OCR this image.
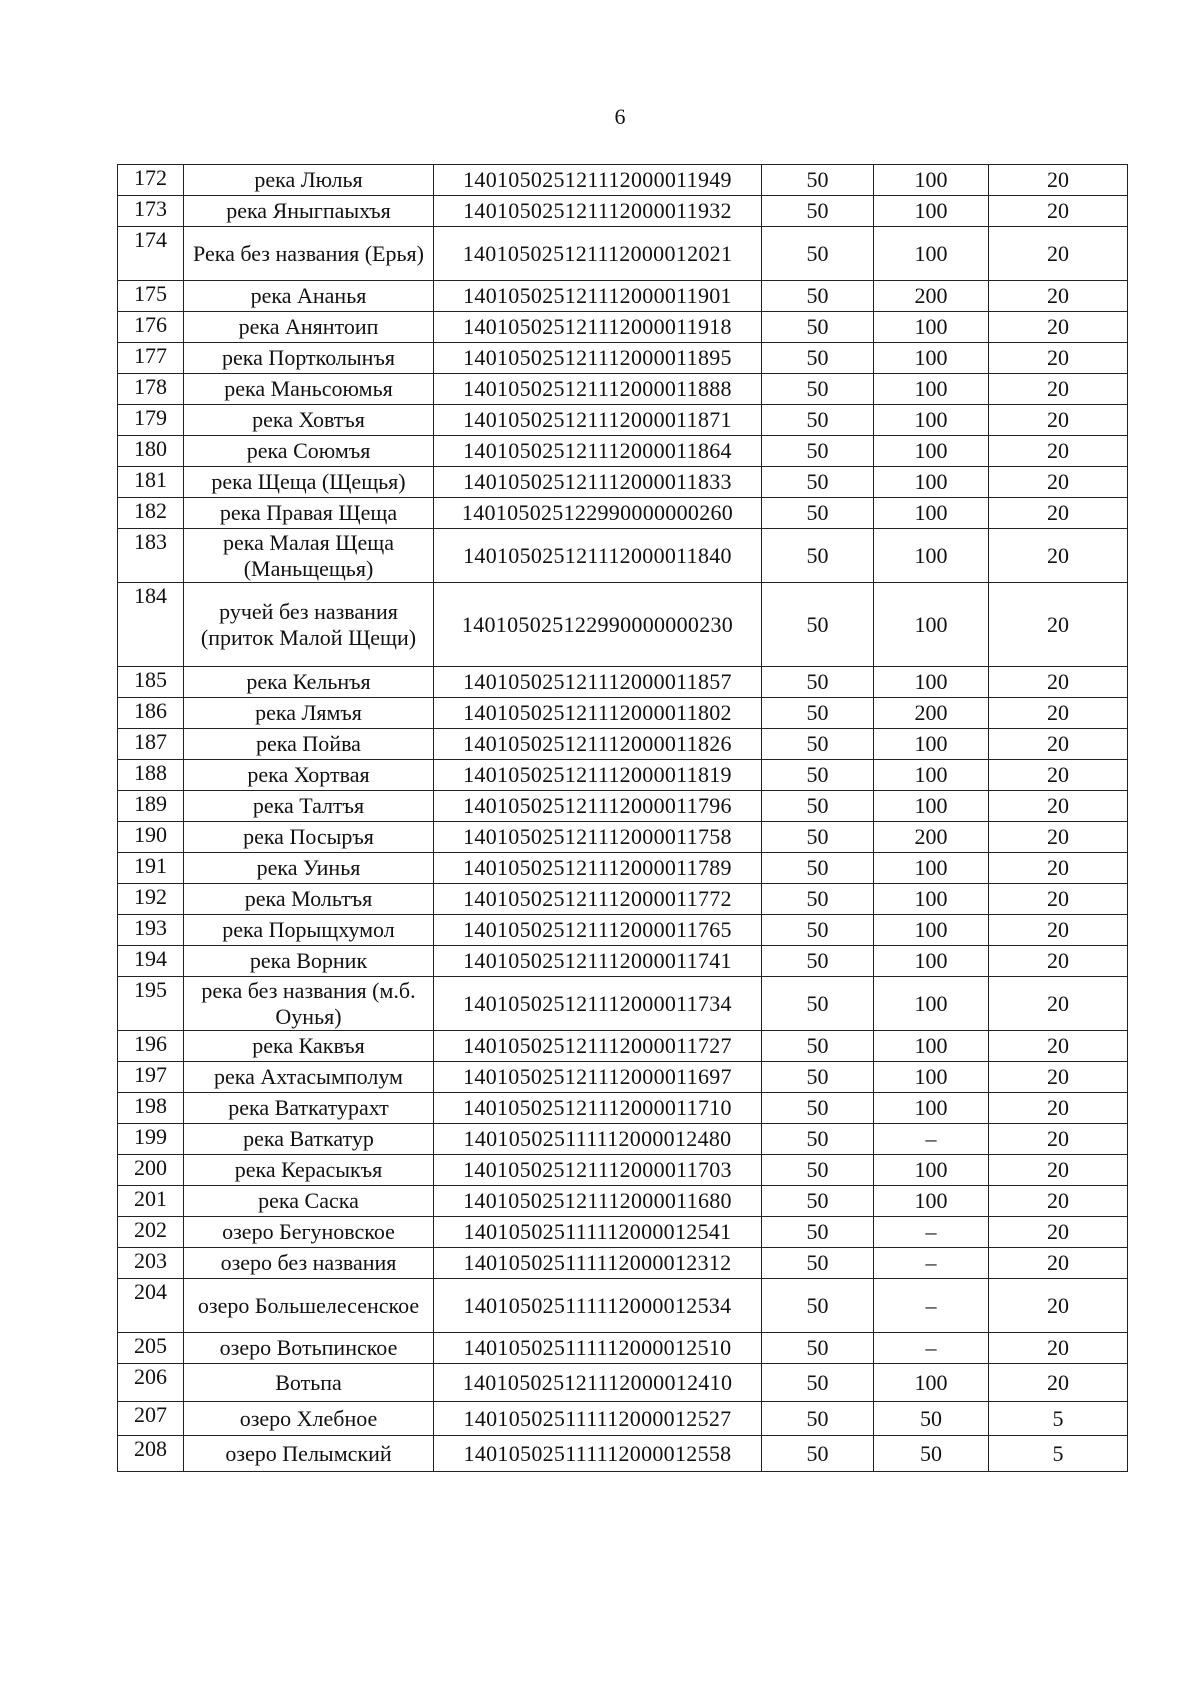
6
172	река Люлья	140105025121112000011949	50	100	20
173	река Яныгпаыхъя	140105025121112000011932	50	100	20
174	Река без названия (Ерья)	140105025121112000012021	50	100	20
175	река Ананья	140105025121112000011901	50	200	20
176	река Анянтоип	140105025121112000011918	50	100	20
177	река Портколынъя	140105025121112000011895	50	100	20
178	река Маньсоюмья	140105025121112000011888	50	100	20
179	река Ховтъя	140105025121112000011871	50	100	20
180	река Союмъя	140105025121112000011864	50	100	20
181	река Щеща (Щещья)	140105025121112000011833	50	100	20
182	река Правая Щеща	140105025122990000000260	50	100	20
183	река Малая Щеща (Маньщещья)	140105025121112000011840	50	100	20
184	ручей без названия (приток Малой Щещи)	140105025122990000000230	50	100	20
185	река Кельнъя	140105025121112000011857	50	100	20
186	река Лямъя	140105025121112000011802	50	200	20
187	река Пойва	140105025121112000011826	50	100	20
188	река Хортвая	140105025121112000011819	50	100	20
189	река Талтъя	140105025121112000011796	50	100	20
190	река Посыръя	140105025121112000011758	50	200	20
191	река Уинья	140105025121112000011789	50	100	20
192	река Мольтъя	140105025121112000011772	50	100	20
193	река Порыщхумол	140105025121112000011765	50	100	20
194	река Ворник	140105025121112000011741	50	100	20
195	река без названия (м.б. Оунья)	140105025121112000011734	50	100	20
196	река Каквъя	140105025121112000011727	50	100	20
197	река Ахтасымполум	140105025121112000011697	50	100	20
198	река Ваткатурахт	140105025121112000011710	50	100	20
199	река Ваткатур	140105025111112000012480	50	–	20
200	река Керасыкъя	140105025121112000011703	50	100	20
201	река Саска	140105025121112000011680	50	100	20
202	озеро Бегуновское	140105025111112000012541	50	–	20
203	озеро без названия	140105025111112000012312	50	–	20
204	озеро Большелесенское	140105025111112000012534	50	–	20
205	озеро Вотьпинское	140105025111112000012510	50	–	20
206	Вотьпа	140105025121112000012410	50	100	20
207	озеро Хлебное	140105025111112000012527	50	50	5
208	озеро Пелымский	140105025111112000012558	50	50	5
